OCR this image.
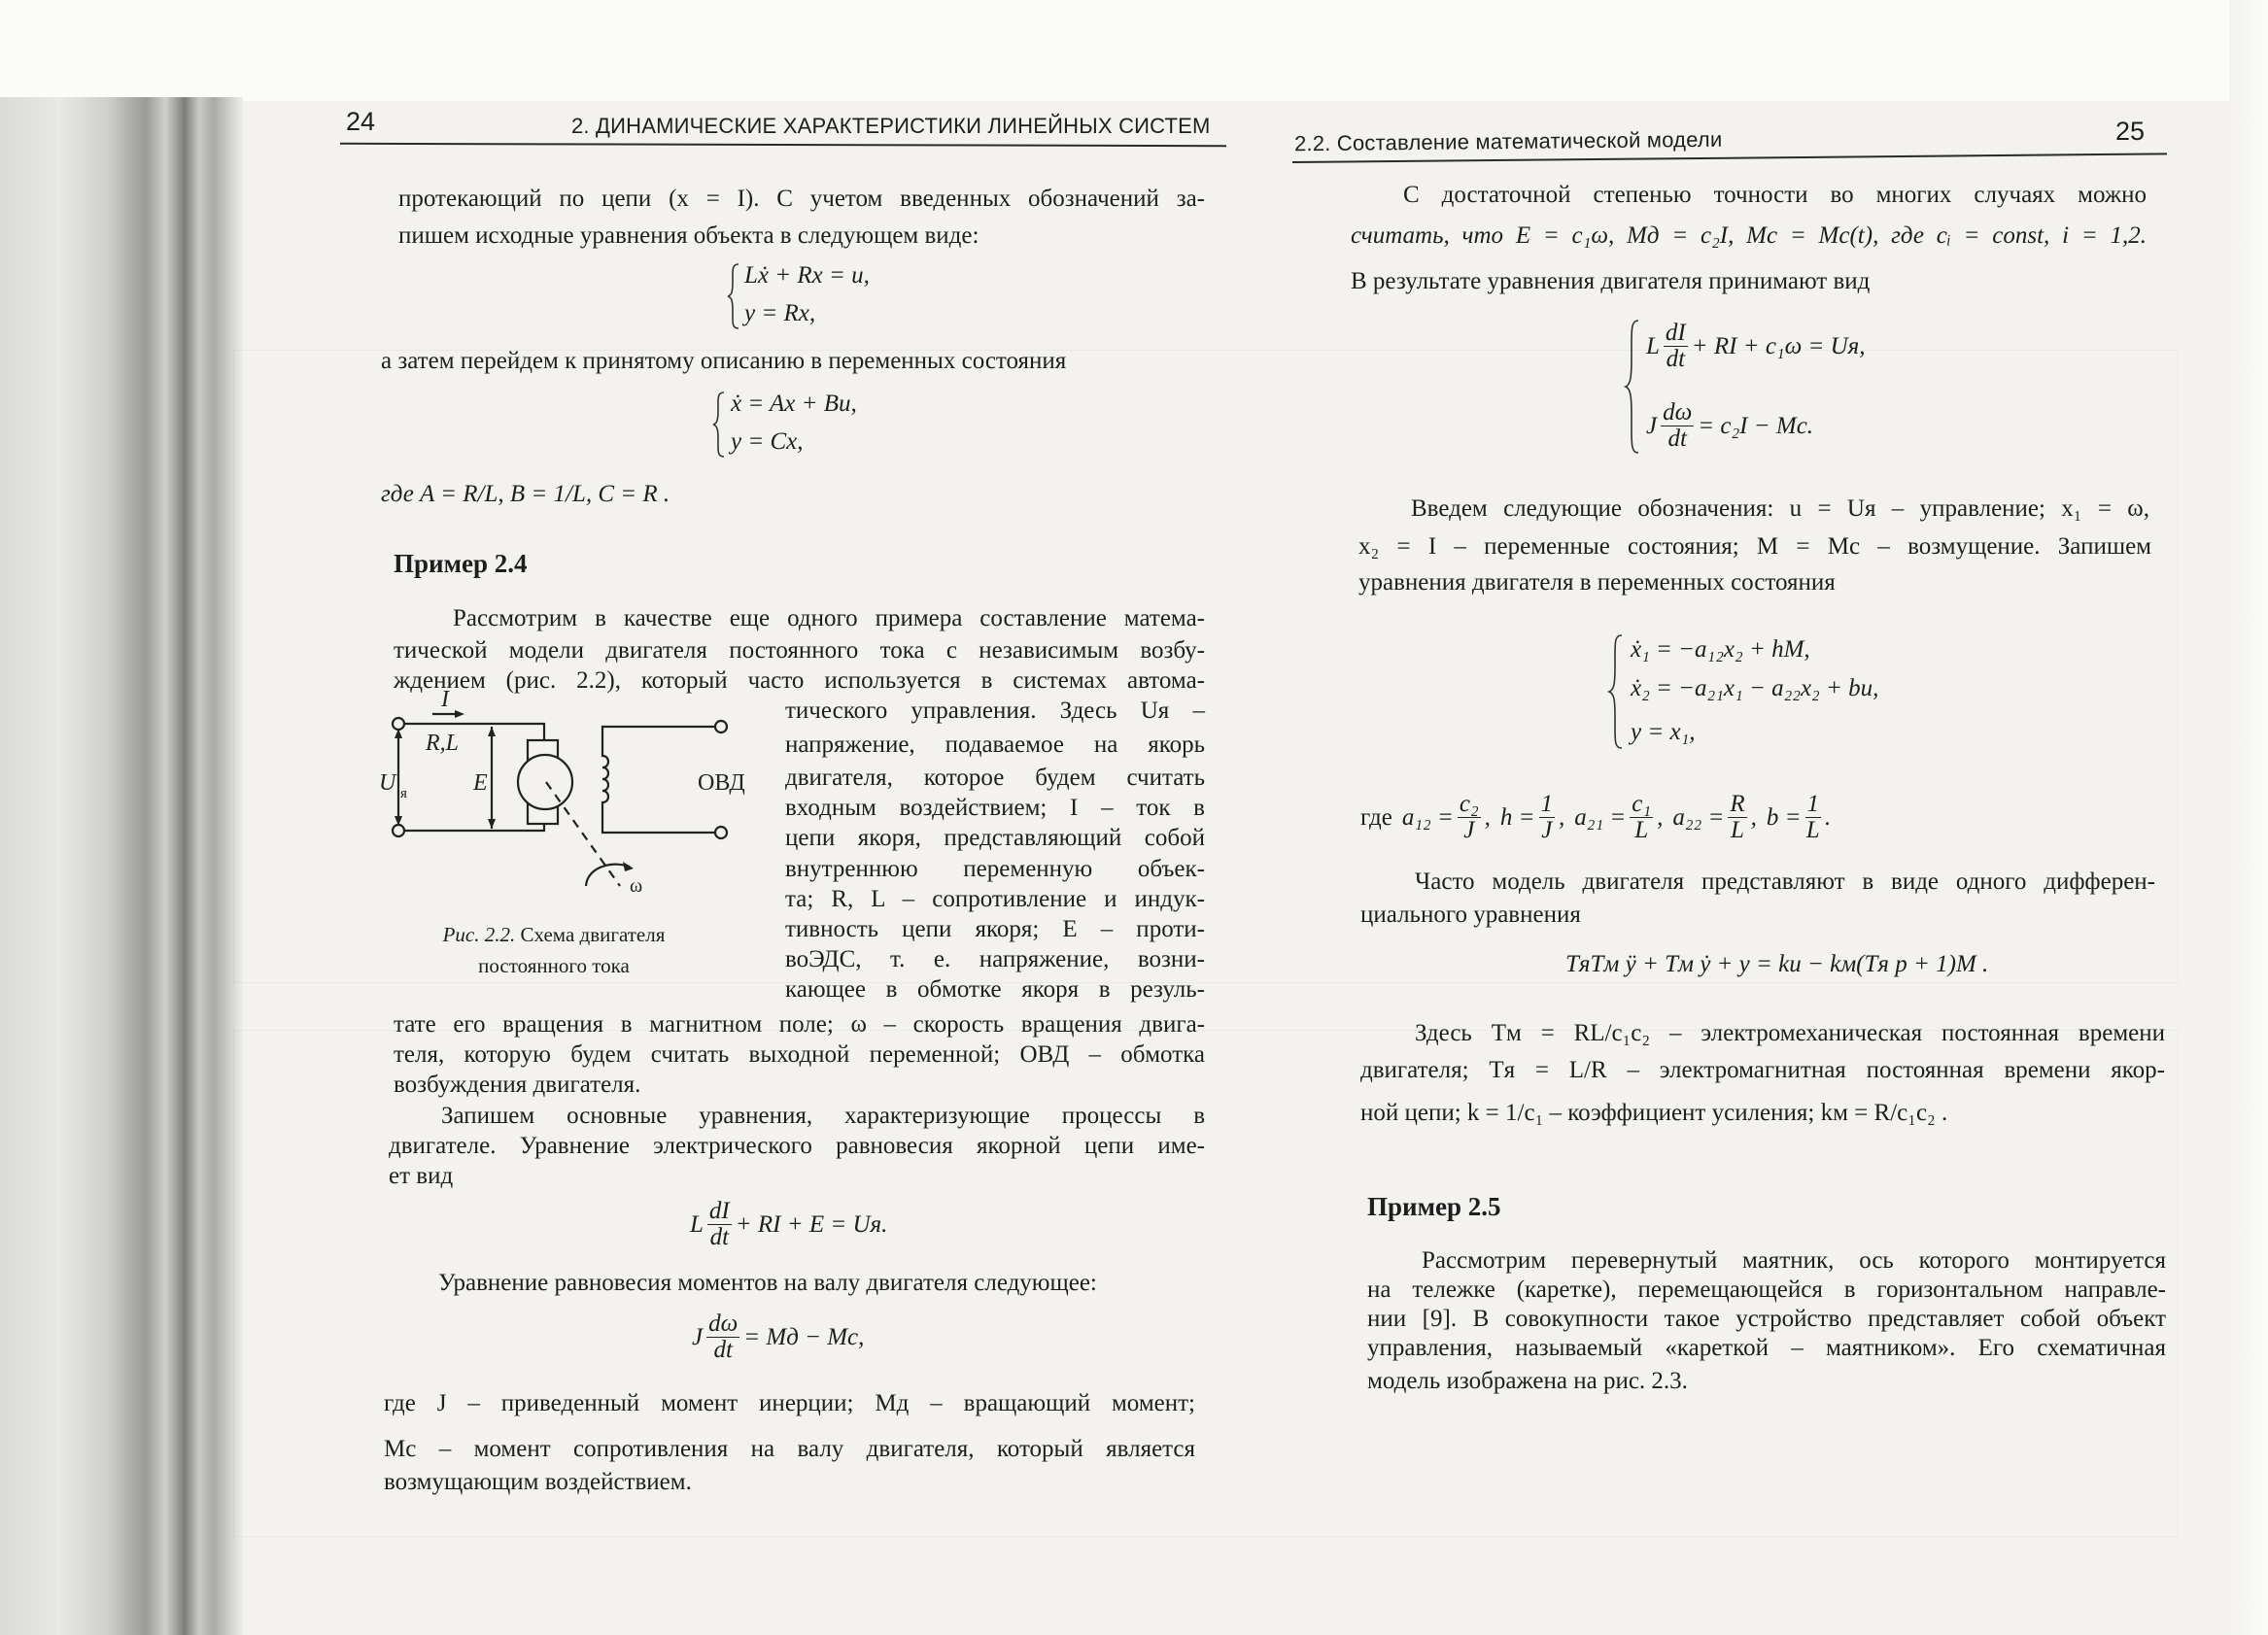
24	2. ДИНАМИЧЕСКИЕ ХАРАКТЕРИСТИКИ ЛИНЕЙНЫХ СИСТЕМ
протекающий по цепи (x = I). С учетом введенных обозначений за-
пишем исходные уравнения объекта в следующем виде:
Lẋ + Rx = u,
y = Rx,
а затем перейдем к принятому описанию в переменных состояния
ẋ = Ax + Bu,
y = Cx,
где A = R/L, B = 1/L, C = R .
Пример 2.4
Рассмотрим в качестве еще одного примера составление матема-
тической модели двигателя постоянного тока с независимым возбу-
ждением (рис. 2.2), который часто используется в системах автома-
тического управления. Здесь Uя –
напряжение, подаваемое на якорь
двигателя, которое будем считать
входным воздействием; I – ток в
цепи якоря, представляющий собой
внутреннюю переменную объек-
та; R, L – сопротивление и индук-
тивность цепи якоря; E – проти-
воЭДС, т. е. напряжение, возни-
кающее в обмотке якоря в резуль-
тате его вращения в магнитном поле; ω – скорость вращения двига-
теля, которую будем считать выходной переменной; ОВД – обмотка
возбуждения двигателя.
Запишем основные уравнения, характеризующие процессы в
двигателе. Уравнение электрического равновесия якорной цепи име-
ет вид
L $\frac{dI}{dt}$ + RI + E = Uя.
Уравнение равновесия моментов на валу двигателя следующее:
J $\frac{d\omega}{dt}$ = Mд − Mс,
где J – приведенный момент инерции; Mд – вращающий момент;
Mс – момент сопротивления на валу двигателя, который является
возмущающим воздействием.
I
R,L
U я	E	ОВД
ω
Рис. 2.2. Схема двигателя
постоянного тока
2.2. Составление математической модели	25
С достаточной степенью точности во многих случаях можно
считать, что E = c₁ω, Mд = c₂I, Mс = Mс(t), где cᵢ = const, i = 1,2.
В результате уравнения двигателя принимают вид
L $\frac{dI}{dt}$ + RI + c₁ω = Uя,
J $\frac{d\omega}{dt} = c_2I$ − Mс.
Введем следующие обозначения: u = Uя – управление; x₁ = ω,
x₂ = I – переменные состояния; M = Mс – возмущение. Запишем
уравнения двигателя в переменных состояния
ẋ₁ = −a₁₂x₂ + hM,
ẋ₂ = −a₂₁x₁ − a₂₂x₂ + bu,
y = x₁,
где $a_{12} = \frac{\text{c₂}}{J}$ , $h = \frac{1}{J}$ , $a_{21} = \frac{\text{c₁}}{L}$ , $a_{22} = \frac{R}{L}$ , $b = \frac{1}{L}$ .
Часто модель двигателя представляют в виде одного дифферен-
циального уравнения
TяTм ÿ + Tм ẏ + y = ku − kм(Tя p + 1)M .
Здесь Tм = RL/c₁c₂ – электромеханическая постоянная времени
двигателя; Tя = L/R – электромагнитная постоянная времени якор-
ной цепи; k = 1/c₁ – коэффициент усиления; kм = R/c₁c₂ .
Пример 2.5
Рассмотрим перевернутый маятник, ось которого монтируется
на тележке (каретке), перемещающейся в горизонтальном направле-
нии [9]. В совокупности такое устройство представляет собой объект
управления, называемый «кареткой – маятником». Его схематичная
модель изображена на рис. 2.3.
